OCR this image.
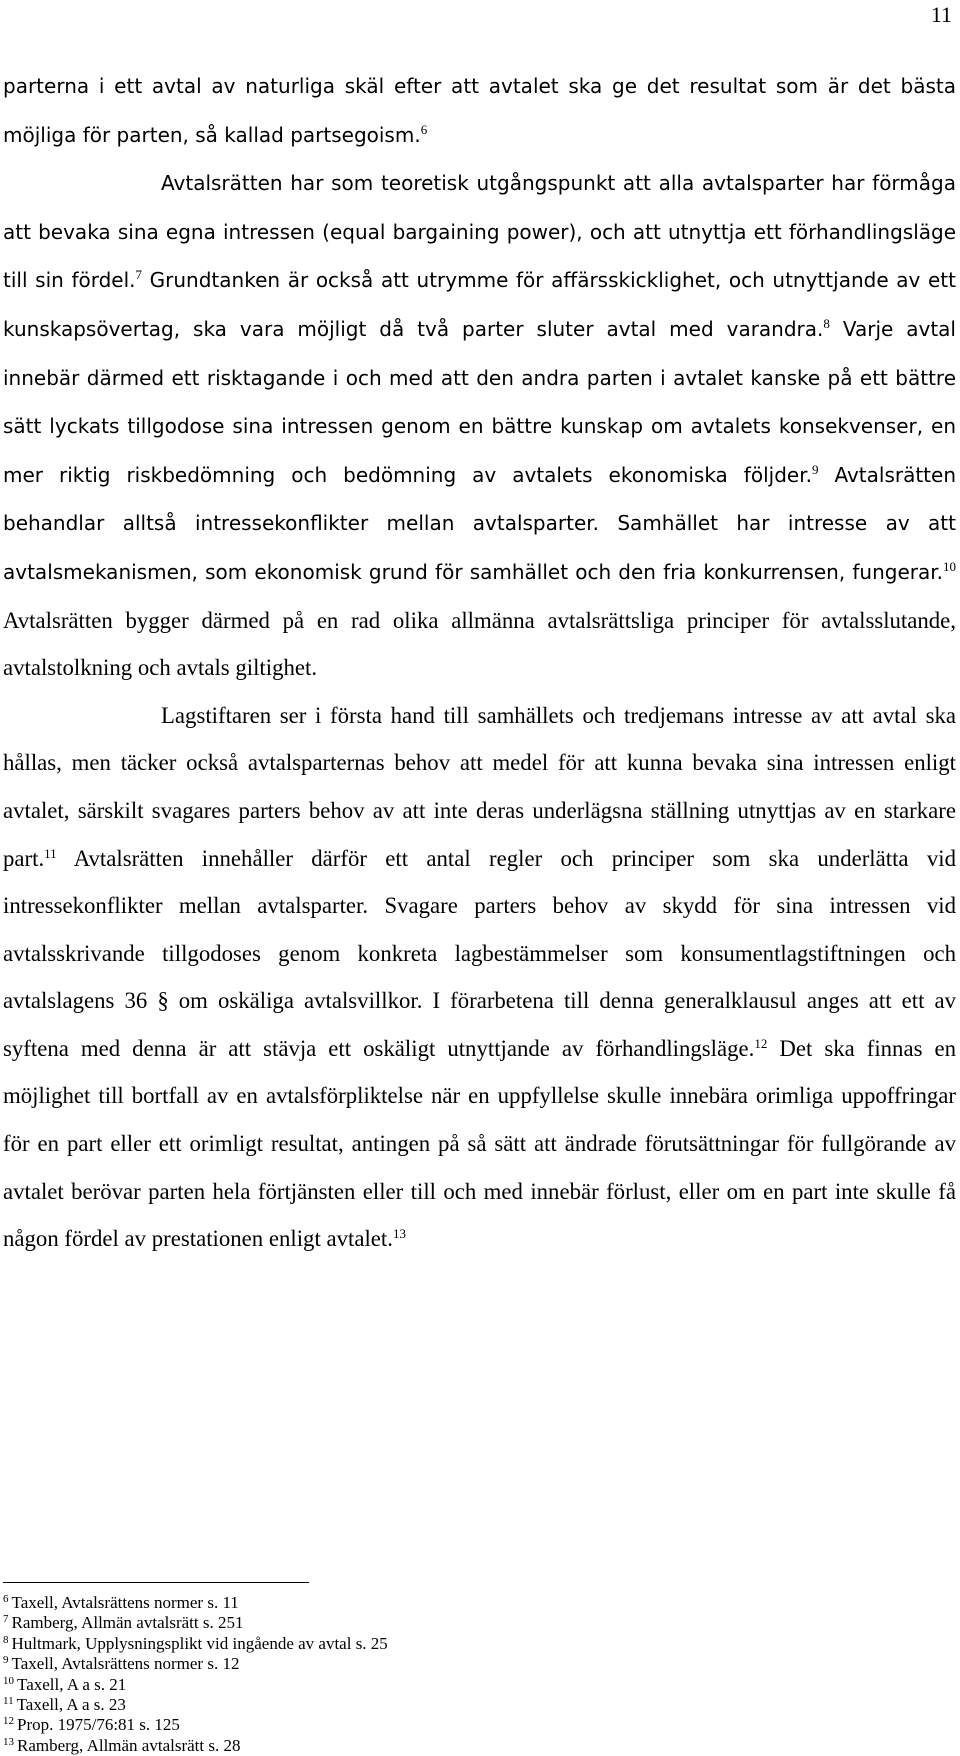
11

parterna i ett avtal av naturliga skäl efter att avtalet ska ge det resultat som är det bästa möjliga för parten, så kallad partsegoism.$^6$

Avtalsrätten har som teoretisk utgångspunkt att alla avtalsparter har förmåga att bevaka sina egna intressen (equal bargaining power), och att utnyttja ett förhandlingsläge till sin fördel.$^7$ Grundtanken är också att utrymme för affärsskicklighet, och utnyttjande av ett kunskapsövertag, ska vara möjligt då två parter sluter avtal med varandra.$^8$ Varje avtal innebär därmed ett risktagande i och med att den andra parten i avtalet kanske på ett bättre sätt lyckats tillgodose sina intressen genom en bättre kunskap om avtalets konsekvenser, en mer riktig riskbedömning och bedömning av avtalets ekonomiska följder.$^9$ Avtalsrätten behandlar alltså intressekonflikter mellan avtalsparter. Samhället har intresse av att avtalsmekanismen, som ekonomisk grund för samhället och den fria konkurrensen, fungerar.$^{10}$ Avtalsrätten bygger därmed på en rad olika allmänna avtalsrättsliga principer för avtalsslutande, avtalstolkning och avtals giltighet.

Lagstiftaren ser i första hand till samhällets och tredjemans intresse av att avtal ska hållas, men täcker också avtalsparternas behov att medel för att kunna bevaka sina intressen enligt avtalet, särskilt svagares parters behov av att inte deras underlägsna ställning utnyttjas av en starkare part.$^{11}$ Avtalsrätten innehåller därför ett antal regler och principer som ska underlätta vid intressekonflikter mellan avtalsparter. Svagare parters behov av skydd för sina intressen vid avtalsskrivande tillgodoses genom konkreta lagbestämmelser som konsumentlagstiftningen och avtalslagens 36 § om oskäliga avtalsvillkor. I förarbetena till denna generalklausul anges att ett av syftena med denna är att stävja ett oskäligt utnyttjande av förhandlingsläge.$^{12}$ Det ska finnas en möjlighet till bortfall av en avtalsförpliktelse när en uppfyllelse skulle innebära orimliga uppoffringar för en part eller ett orimligt resultat, antingen på så sätt att ändrade förutsättningar för fullgörande av avtalet berövar parten hela förtjänsten eller till och med innebär förlust, eller om en part inte skulle få någon fördel av prestationen enligt avtalet.$^{13}$

$^6$ Taxell, Avtalsrättens normer s. 11
$^7$ Ramberg, Allmän avtalsrätt s. 251
$^8$ Hultmark, Upplysningsplikt vid ingående av avtal s. 25
$^9$ Taxell, Avtalsrättens normer s. 12
$^{10}$ Taxell, A a s. 21
$^{11}$ Taxell, A a s. 23
$^{12}$ Prop. 1975/76:81 s. 125
$^{13}$ Ramberg, Allmän avtalsrätt s. 28
